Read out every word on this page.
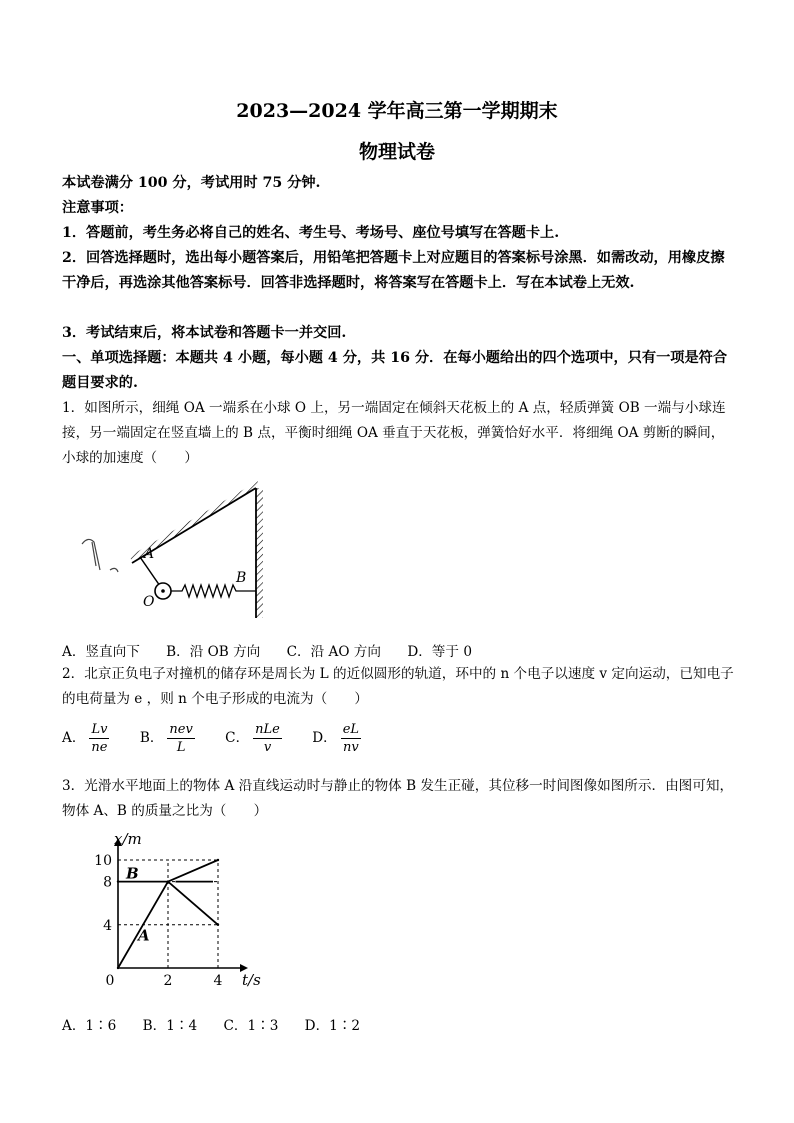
2023—2024 学年高三第一学期期末
物理试卷
本试卷满分 100 分，考试用时 75 分钟.
注意事项：
1．答题前，考生务必将自己的姓名、考生号、考场号、座位号填写在答题卡上.
2．回答选择题时，选出每小题答案后，用铅笔把答题卡上对应题目的答案标号涂黑．如需改动，用橡皮擦干净后，再选涂其他答案标号．回答非选择题时，将答案写在答题卡上．写在本试卷上无效.
3．考试结束后，将本试卷和答题卡一并交回.
一、单项选择题：本题共 4 小题，每小题 4 分，共 16 分．在每小题给出的四个选项中，只有一项是符合题目要求的.
1．如图所示，细绳 OA 一端系在小球 O 上，另一端固定在倾斜天花板上的 A 点，轻质弹簧 OB 一端与小球连接，另一端固定在竖直墙上的 B 点，平衡时细绳 OA 垂直于天花板，弹簧恰好水平．将细绳 OA 剪断的瞬间，小球的加速度（　　）
A
B
O
A．竖直向下 B．沿 OB 方向 C．沿 AO 方向 D．等于 0
2．北京正负电子对撞机的储存环是周长为 L 的近似圆形的轨道，环中的 n 个电子以速度 v 定向运动，已知电子的电荷量为 e ，则 n 个电子形成的电流为（　　）
A． $\frac{Lv}{ne}$ B． $\frac{\text{nev}}{L}$ C． $\frac{\text{nLe}}{v}$ D． $\frac{eL}{nv}$
3．光滑水平地面上的物体 A 沿直线运动时与静止的物体 B 发生正碰，其位移一时间图像如图所示．由图可知，物体 A、B 的质量之比为（　　）
4
8
10
0	2	4
x/m
t/s
A
B
A．1∶6 B．1∶4 C．1∶3 D．1∶2
